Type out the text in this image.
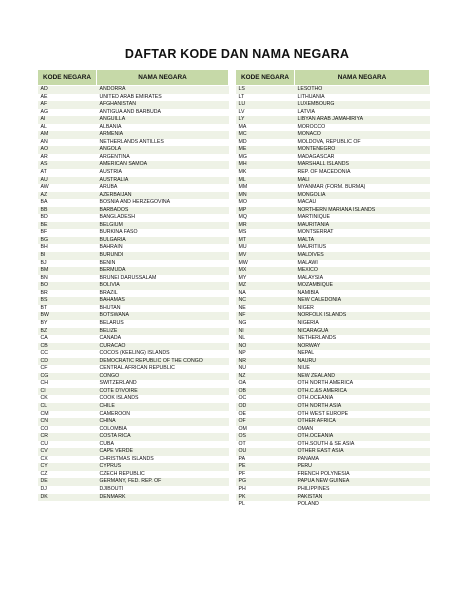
DAFTAR KODE DAN NAMA NEGARA
KODE NEGARA	NAMA NEGARA
AD	ANDORRA
AE	UNITED ARAB EMIRATES
AF	AFGHANISTAN
AG	ANTIGUA AND BARBUDA
AI	ANGUILLA
AL	ALBANIA
AM	ARMENIA
AN	NETHERLANDS ANTILLES
AO	ANGOLA
AR	ARGENTINA
AS	AMERICAN SAMOA
AT	AUSTRIA
AU	AUSTRALIA
AW	ARUBA
AZ	AZERBAIJAN
BA	BOSNIA AND HERZEGOVINA
BB	BARBADOS
BD	BANGLADESH
BE	BELGIUM
BF	BURKINA FASO
BG	BULGARIA
BH	BAHRAIN
BI	BURUNDI
BJ	BENIN
BM	BERMUDA
BN	BRUNEI DARUSSALAM
BO	BOLIVIA
BR	BRAZIL
BS	BAHAMAS
BT	BHUTAN
BW	BOTSWANA
BY	BELARUS
BZ	BELIZE
CA	CANADA
CB	CURACAO
CC	COCOS (KEELING) ISLANDS
CD	DEMOCRATIC REPUBLIC OF THE CONGO
CF	CENTRAL AFRICAN REPUBLIC
CG	CONGO
CH	SWITZERLAND
CI	COTE D'IVOIRE
CK	COOK ISLANDS
CL	CHILE
CM	CAMEROON
CN	CHINA
CO	COLOMBIA
CR	COSTA RICA
CU	CUBA
CV	CAPE VERDE
CX	CHRISTMAS ISLANDS
CY	CYPRUS
CZ	CZECH REPUBLIC
DE	GERMANY, FED. REP. OF
DJ	DJIBOUTI
DK	DENMARK
KODE NEGARA	NAMA NEGARA
LS	LESOTHO
LT	LITHUANIA
LU	LUXEMBOURG
LV	LATVIA
LY	LIBYAN ARAB JAMAHIRIYA
MA	MOROCCO
MC	MONACO
MD	MOLDOVA, REPUBLIC OF
ME	MONTENEGRO
MG	MADAGASCAR
MH	MARSHALL ISLANDS
MK	REP. OF MACEDONIA
ML	MALI
MM	MYANMAR (FORM. BURMA)
MN	MONGOLIA
MO	MACAU
MP	NORTHERN MARIANA ISLANDS
MQ	MARTINIQUE
MR	MAURITANIA
MS	MONTSERRAT
MT	MALTA
MU	MAURITIUS
MV	MALDIVES
MW	MALAWI
MX	MEXICO
MY	MALAYSIA
MZ	MOZAMBIQUE
NA	NAMIBIA
NC	NEW CALEDONIA
NE	NIGER
NF	NORFOLK ISLANDS
NG	NIGERIA
NI	NICARAGUA
NL	NETHERLANDS
NO	NORWAY
NP	NEPAL
NR	NAURU
NU	NIUE
NZ	NEW ZEALAND
OA	OTH NORTH AMERICA
OB	OTH.C.&S AMERICA
OC	OTH.OCEANIA
OD	OTH NORTH ASIA
OE	OTH WEST EUROPE
OF	OTHER AFRICA
OM	OMAN
OS	OTH.OCEANIA
OT	OTH.SOUTH & SE ASIA
OU	OTHER EAST ASIA
PA	PANAMA
PE	PERU
PF	FRENCH POLYNESIA
PG	PAPUA NEW GUINEA
PH	PHILIPPINES
PK	PAKISTAN
PL	POLAND
